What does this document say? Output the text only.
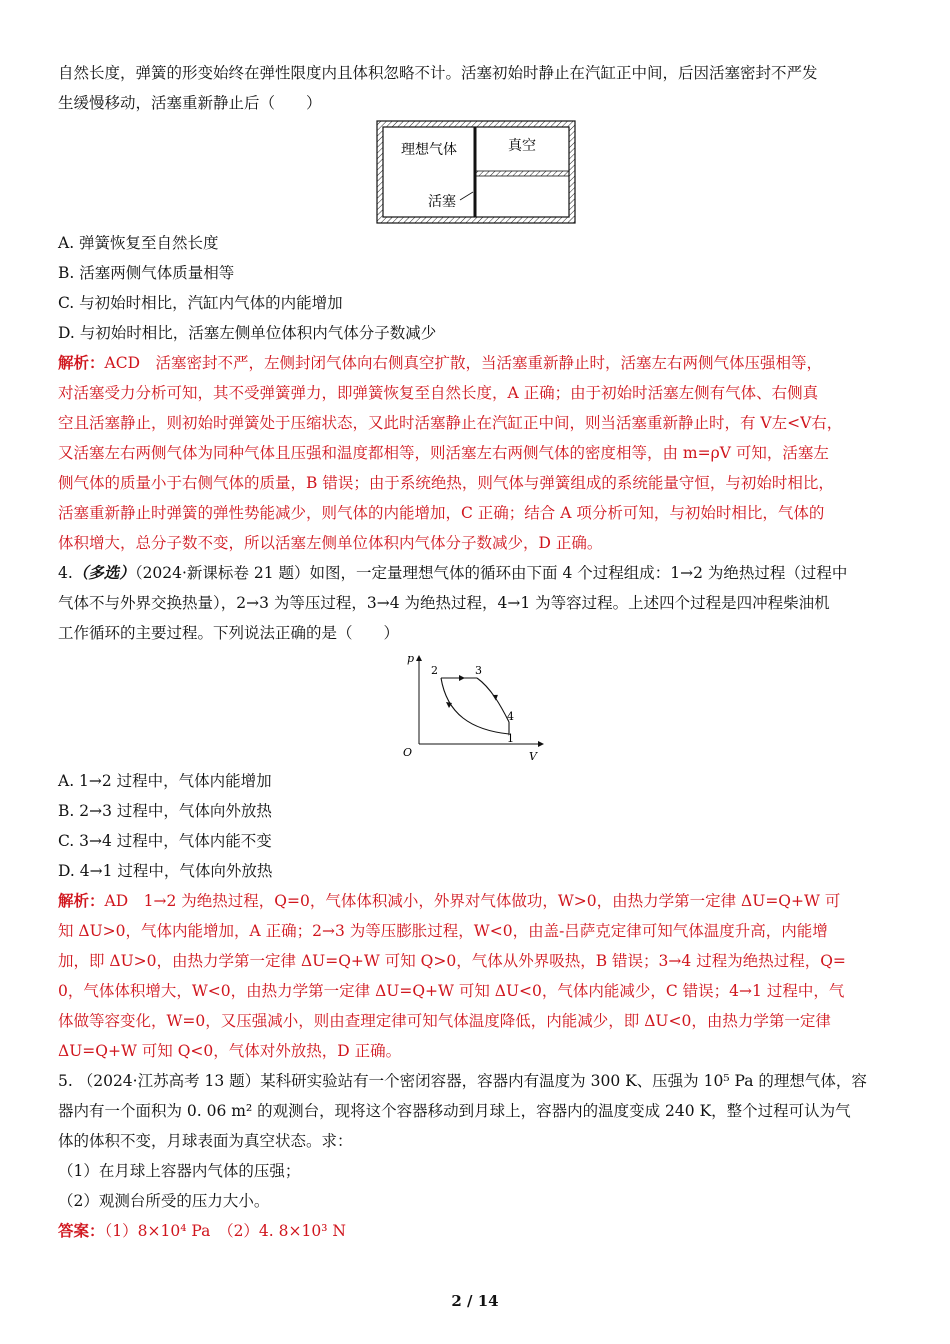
自然长度，弹簧的形变始终在弹性限度内且体积忽略不计。活塞初始时静止在汽缸正中间，后因活塞密封不严发

生缓慢移动，活塞重新静止后（　　）

理想气体	真空
活塞

A. 弹簧恢复至自然长度

B. 活塞两侧气体质量相等

C. 与初始时相比，汽缸内气体的内能增加

D. 与初始时相比，活塞左侧单位体积内气体分子数减少

解析：ACD　 活塞密封不严，左侧封闭气体向右侧真空扩散，当活塞重新静止时，活塞左右两侧气体压强相等，

对活塞受力分析可知，其不受弹簧弹力，即弹簧恢复至自然长度，A 正确；由于初始时活塞左侧有气体、右侧真

空且活塞静止，则初始时弹簧处于压缩状态，又此时活塞静止在汽缸正中间，则当活塞重新静止时，有 V左<V右，

又活塞左右两侧气体为同种气体且压强和温度都相等，则活塞左右两侧气体的密度相等，由 m=ρV 可知，活塞左

侧气体的质量小于右侧气体的质量，B 错误；由于系统绝热，则气体与弹簧组成的系统能量守恒，与初始时相比，

活塞重新静止时弹簧的弹性势能减少，则气体的内能增加，C 正确；结合 A 项分析可知，与初始时相比，气体的

体积增大，总分子数不变，所以活塞左侧单位体积内气体分子数减少，D 正确。

4.（多选）（2024·新课标卷 21 题）如图，一定量理想气体的循环由下面 4 个过程组成：1→2 为绝热过程（过程中

气体不与外界交换热量），2→3 为等压过程，3→4 为绝热过程，4→1 为等容过程。上述四个过程是四冲程柴油机

工作循环的主要过程。下列说法正确的是（　　）

p
V
O
2	3
4
1

A. 1→2 过程中，气体内能增加

B. 2→3 过程中，气体向外放热

C. 3→4 过程中，气体内能不变

D. 4→1 过程中，气体向外放热

解析：AD　 1→2 为绝热过程，Q=0，气体体积减小，外界对气体做功，W>0，由热力学第一定律 ΔU=Q+W 可

知 ΔU>0，气体内能增加，A 正确；2→3 为等压膨胀过程，W<0，由盖-吕萨克定律可知气体温度升高，内能增

加，即 ΔU>0，由热力学第一定律 ΔU=Q+W 可知 Q>0，气体从外界吸热，B 错误；3→4 过程为绝热过程，Q=

0，气体体积增大，W<0，由热力学第一定律 ΔU=Q+W 可知 ΔU<0，气体内能减少，C 错误；4→1 过程中，气

体做等容变化，W=0，又压强减小，则由查理定律可知气体温度降低，内能减少，即 ΔU<0，由热力学第一定律

ΔU=Q+W 可知 Q<0，气体对外放热，D 正确。

5. （2024·江苏高考 13 题）某科研实验站有一个密闭容器，容器内有温度为 300 K、压强为 10⁵ Pa 的理想气体，容

器内有一个面积为 0. 06 m² 的观测台，现将这个容器移动到月球上，容器内的温度变成 240 K，整个过程可认为气

体的体积不变，月球表面为真空状态。求：

（1）在月球上容器内气体的压强；

（2）观测台所受的压力大小。

答案：（1）8×10⁴ Pa　（2）4. 8×10³ N

2 / 14
